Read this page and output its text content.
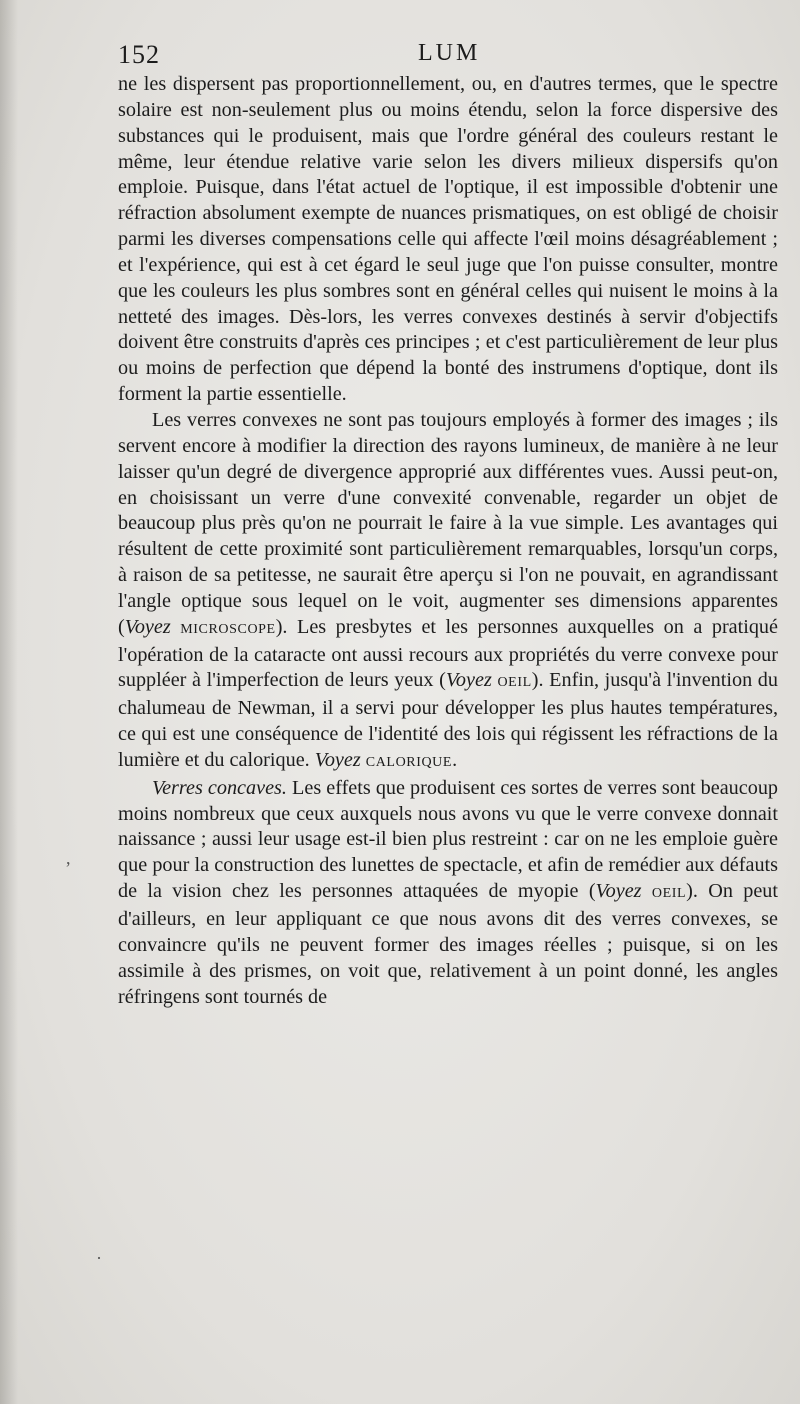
152	LUM

ne les dispersent pas proportionnellement, ou, en d'autres termes, que le spectre solaire est non-seulement plus ou moins étendu, selon la force dispersive des substances qui le produisent, mais que l'ordre général des couleurs restant le même, leur étendue relative varie selon les divers milieux dispersifs qu'on emploie. Puisque, dans l'état actuel de l'optique, il est impossible d'obtenir une réfraction absolument exempte de nuances prismatiques, on est obligé de choisir parmi les diverses compensations celle qui affecte l'œil moins désagréablement ; et l'expérience, qui est à cet égard le seul juge que l'on puisse consulter, montre que les couleurs les plus sombres sont en général celles qui nuisent le moins à la netteté des images. Dès-lors, les verres convexes destinés à servir d'objectifs doivent être construits d'après ces principes ; et c'est particulièrement de leur plus ou moins de perfection que dépend la bonté des instrumens d'optique, dont ils forment la partie essentielle.

Les verres convexes ne sont pas toujours employés à former des images ; ils servent encore à modifier la direction des rayons lumineux, de manière à ne leur laisser qu'un degré de divergence approprié aux différentes vues. Aussi peut-on, en choisissant un verre d'une convexité convenable, regarder un objet de beaucoup plus près qu'on ne pourrait le faire à la vue simple. Les avantages qui résultent de cette proximité sont particulièrement remarquables, lorsqu'un corps, à raison de sa petitesse, ne saurait être aperçu si l'on ne pouvait, en agrandissant l'angle optique sous lequel on le voit, augmenter ses dimensions apparentes (Voyez MICROSCOPE). Les presbytes et les personnes auxquelles on a pratiqué l'opération de la cataracte ont aussi recours aux propriétés du verre convexe pour suppléer à l'imperfection de leurs yeux (Voyez OEIL). Enfin, jusqu'à l'invention du chalumeau de Newman, il a servi pour développer les plus hautes températures, ce qui est une conséquence de l'identité des lois qui régissent les réfractions de la lumière et du calorique. Voyez CALORIQUE.

Verres concaves. Les effets que produisent ces sortes de verres sont beaucoup moins nombreux que ceux auxquels nous avons vu que le verre convexe donnait naissance ; aussi leur usage est-il bien plus restreint : car on ne les emploie guère que pour la construction des lunettes de spectacle, et afin de remédier aux défauts de la vision chez les personnes attaquées de myopie (Voyez OEIL). On peut d'ailleurs, en leur appliquant ce que nous avons dit des verres convexes, se convaincre qu'ils ne peuvent former des images réelles ; puisque, si on les assimile à des prismes, on voit que, relativement à un point donné, les angles réfringens sont tournés de

,
·
